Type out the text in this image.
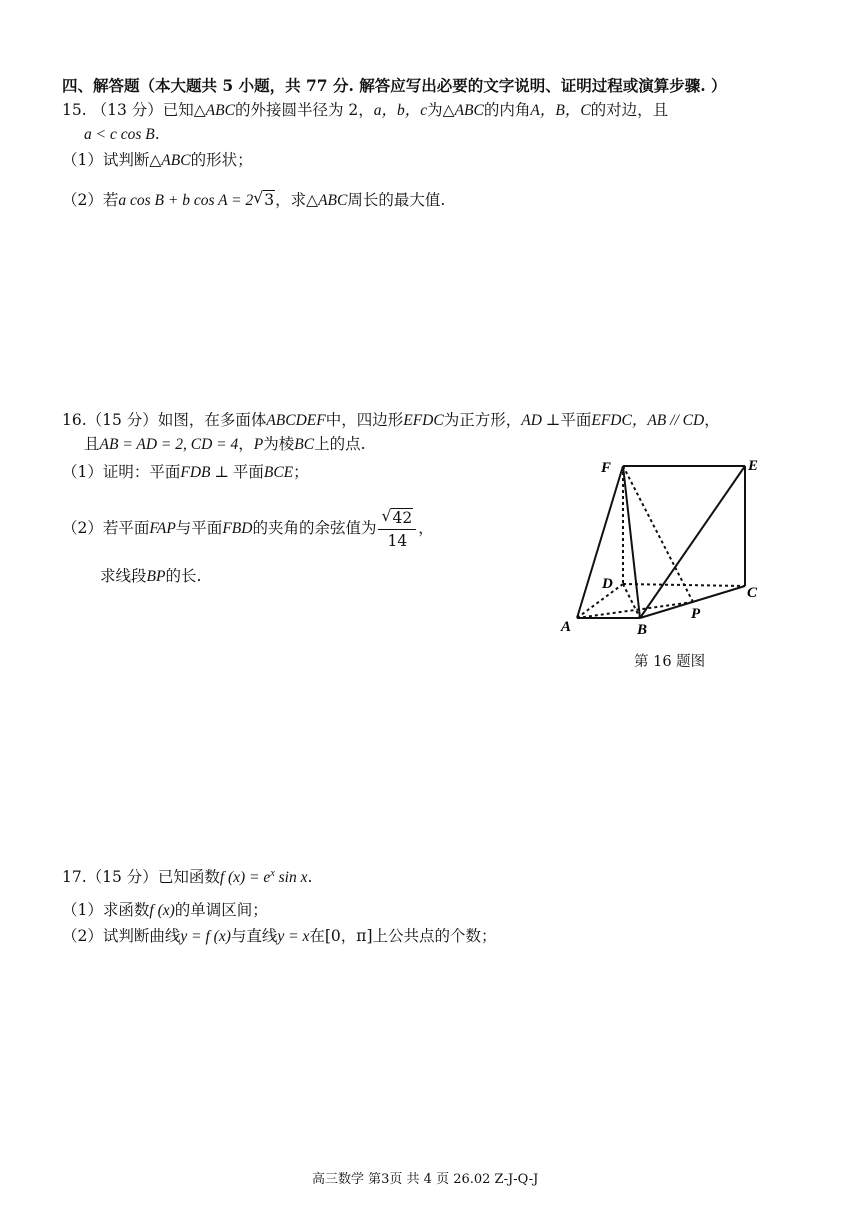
四、解答题（本大题共 5 小题，共 77 分. 解答应写出必要的文字说明、证明过程或演算步骤. ）
15. （13 分）已知△ABC的外接圆半径为 2，a，b，c为△ABC的内角A，B，C的对边，且
a < c cos B.
（1）试判断△ABC的形状；
（2）若a cos B + b cos A = 2 √ 3，求△ABC周长的最大值.
16.（15 分）如图，在多面体ABCDEF中，四边形EFDC为正方形，AD ⊥平面EFDC，AB // CD，
且AB = AD = 2, CD = 4，P为棱BC上的点.
（1）证明：平面FDB ⊥ 平面BCE；
（2）若平面FAP与平面FBD的夹角的余弦值为 $\frac{√ 42}{14}$ ，
求线段BP的长.
F	E
D
C
A	B
P
第 16 题图
17.（15 分）已知函数f $(x) = e^x$ sin x.
（1）求函数f (x)的单调区间；
（2）试判断曲线y = f (x)与直线y = x在[0，π]上公共点的个数；
高三数学 第3页 共 4 页 26.02 Z-J-Q-J
